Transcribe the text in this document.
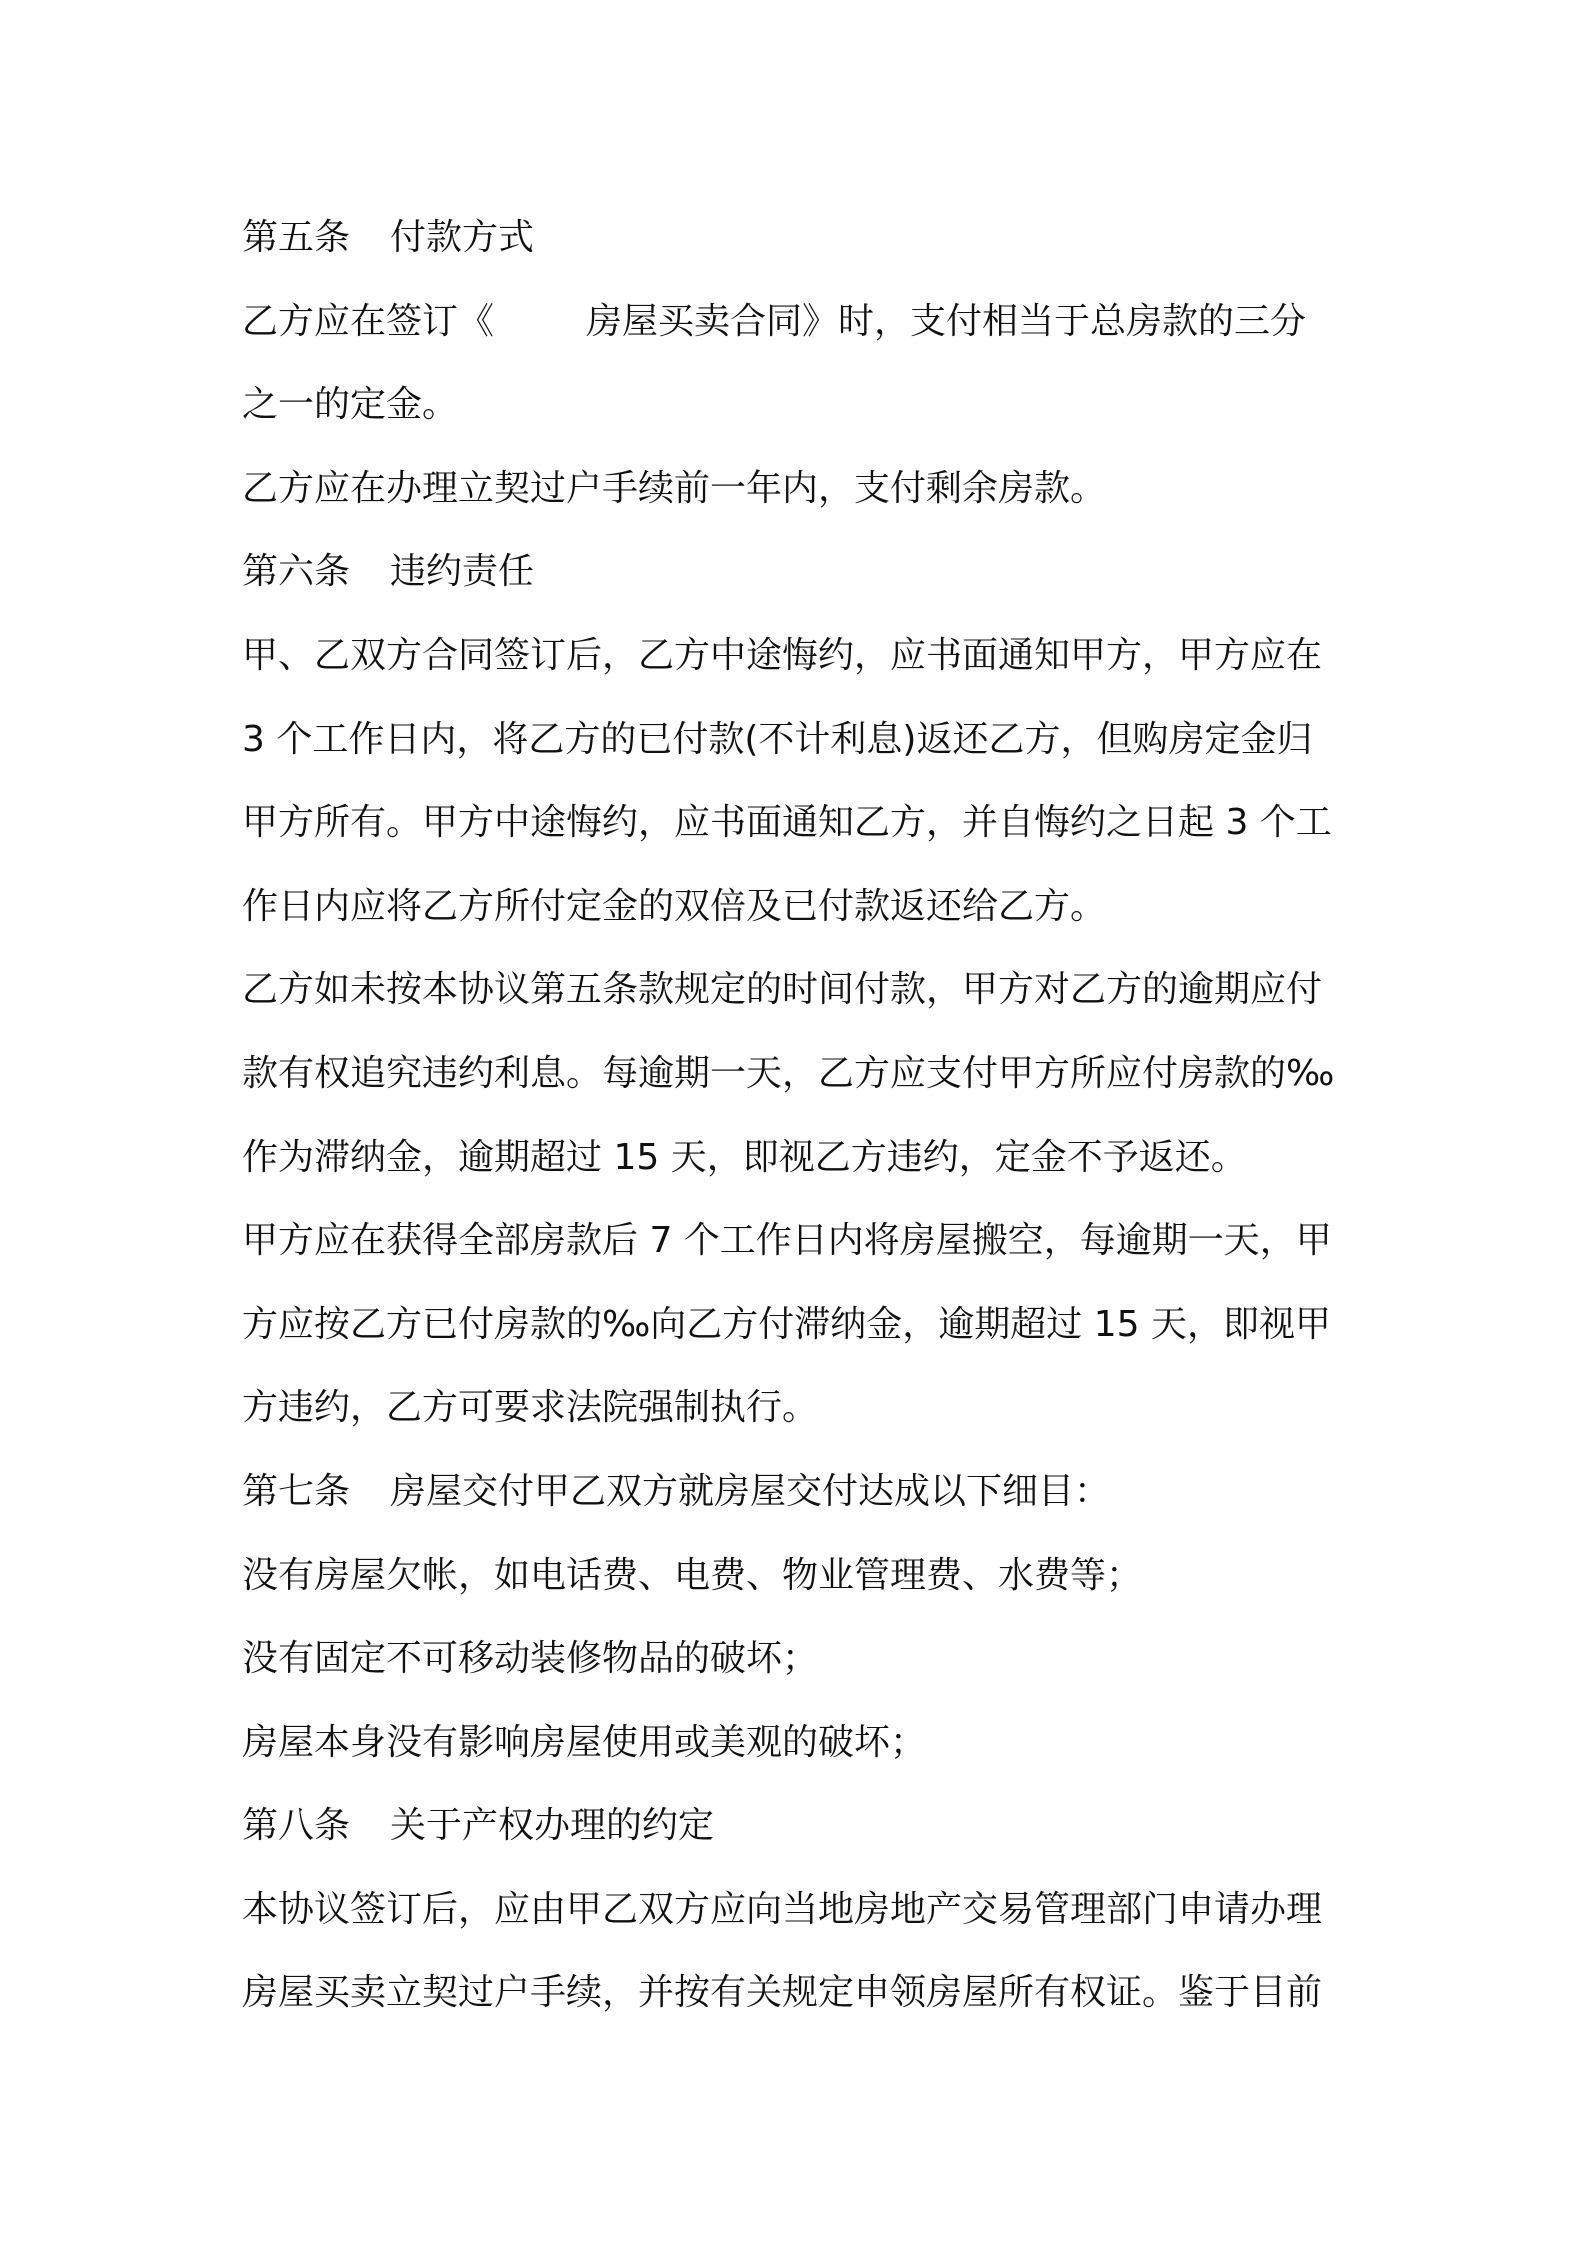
第五条 付款方式
乙方应在签订《	房屋买卖合同》时，支付相当于总房款的三分
之一的定金。
乙方应在办理立契过户手续前一年内，支付剩余房款。
第六条 违约责任
甲、乙双方合同签订后，乙方中途悔约，应书面通知甲方，甲方应在
3 个工作日内，将乙方的已付款(不计利息)返还乙方，但购房定金归
甲方所有。甲方中途悔约，应书面通知乙方，并自悔约之日起 3 个工
作日内应将乙方所付定金的双倍及已付款返还给乙方。
乙方如未按本协议第五条款规定的时间付款，甲方对乙方的逾期应付
款有权追究违约利息。每逾期一天，乙方应支付甲方所应付房款的‰
作为滞纳金，逾期超过 15 天，即视乙方违约，定金不予返还。
甲方应在获得全部房款后 7 个工作日内将房屋搬空，每逾期一天，甲
方应按乙方已付房款的‰向乙方付滞纳金，逾期超过 15 天，即视甲
方违约，乙方可要求法院强制执行。
第七条 房屋交付甲乙双方就房屋交付达成以下细目：
没有房屋欠帐，如电话费、电费、物业管理费、水费等；
没有固定不可移动装修物品的破坏；
房屋本身没有影响房屋使用或美观的破坏；
第八条 关于产权办理的约定
本协议签订后，应由甲乙双方应向当地房地产交易管理部门申请办理
房屋买卖立契过户手续，并按有关规定申领房屋所有权证。鉴于目前
